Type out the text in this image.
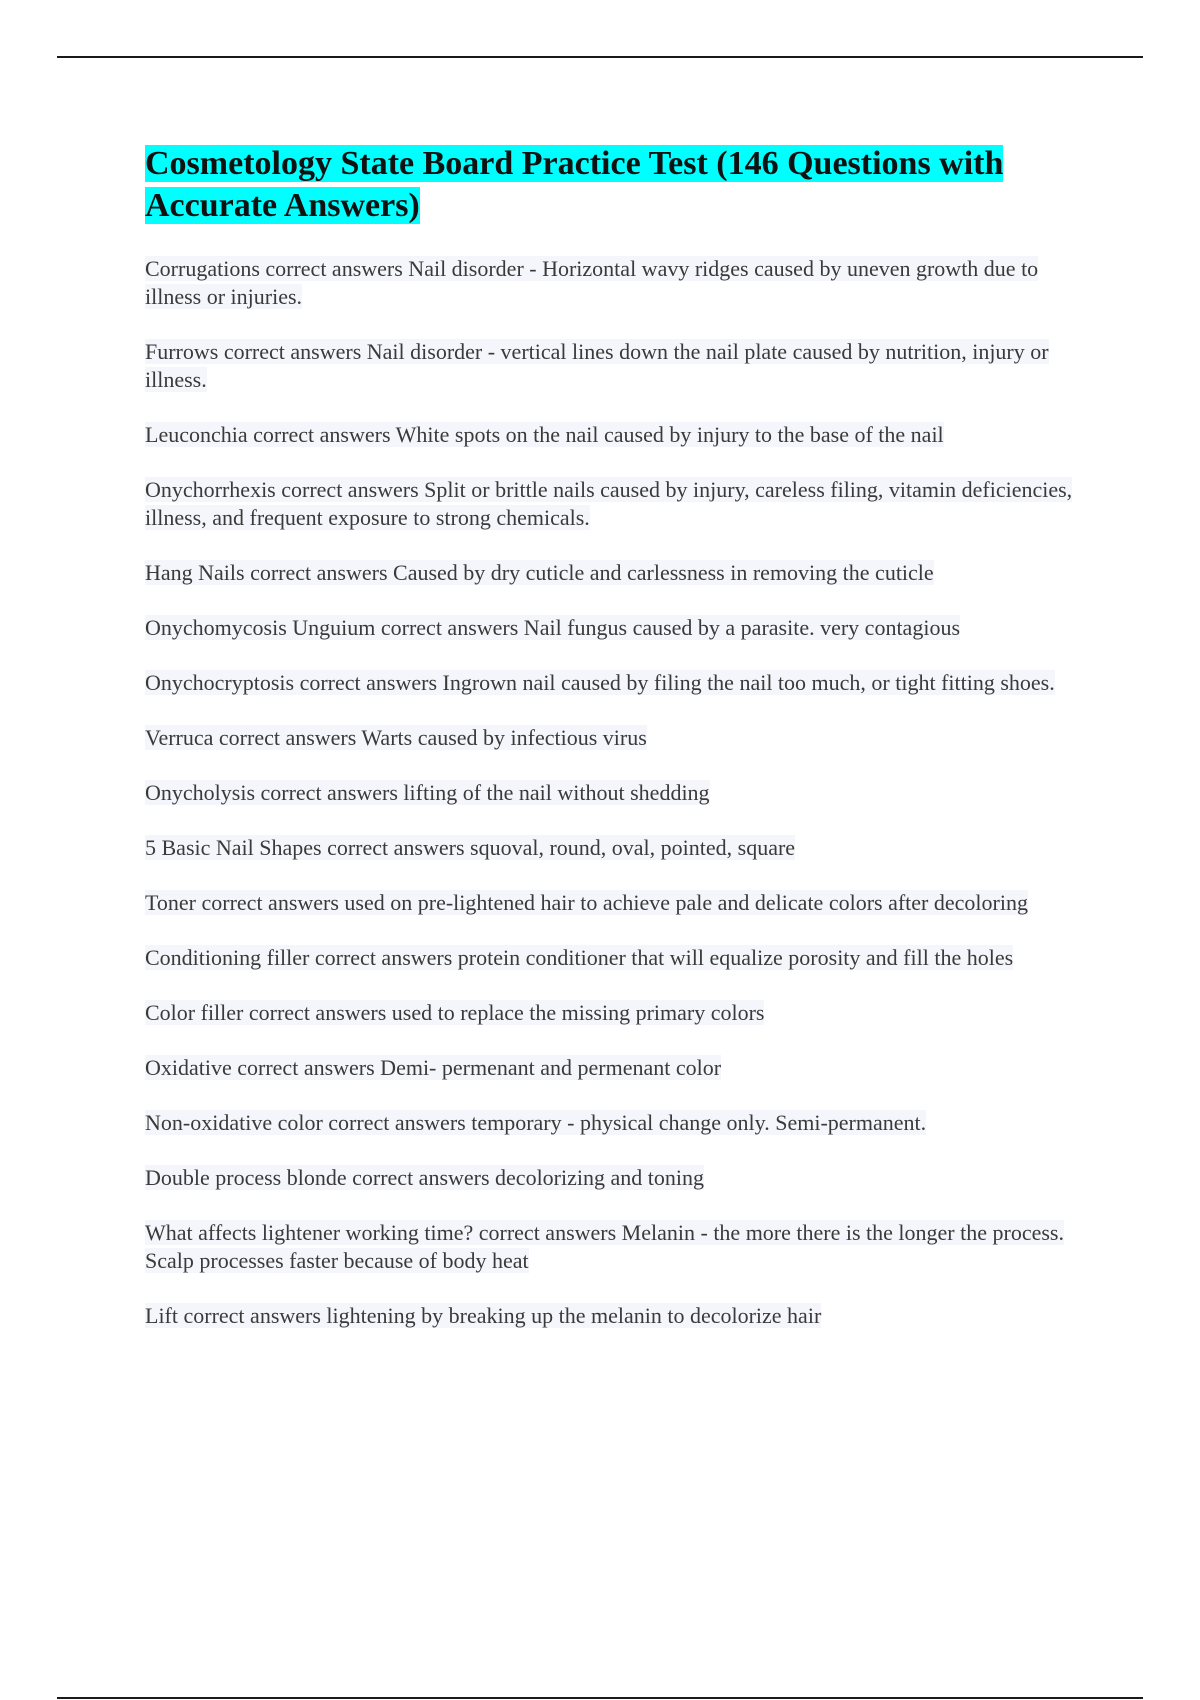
Cosmetology State Board Practice Test (146 Questions with Accurate Answers)
Corrugations correct answers Nail disorder - Horizontal wavy ridges caused by uneven growth due to illness or injuries.
Furrows correct answers Nail disorder - vertical lines down the nail plate caused by nutrition, injury or illness.
Leuconchia correct answers White spots on the nail caused by injury to the base of the nail
Onychorrhexis correct answers Split or brittle nails caused by injury, careless filing, vitamin deficiencies, illness, and frequent exposure to strong chemicals.
Hang Nails correct answers Caused by dry cuticle and carlessness in removing the cuticle
Onychomycosis Unguium correct answers Nail fungus caused by a parasite. very contagious
Onychocryptosis correct answers Ingrown nail caused by filing the nail too much, or tight fitting shoes.
Verruca correct answers Warts caused by infectious virus
Onycholysis correct answers lifting of the nail without shedding
5 Basic Nail Shapes correct answers squoval, round, oval, pointed, square
Toner correct answers used on pre-lightened hair to achieve pale and delicate colors after decoloring
Conditioning filler correct answers protein conditioner that will equalize porosity and fill the holes
Color filler correct answers used to replace the missing primary colors
Oxidative correct answers Demi- permenant and permenant color
Non-oxidative color correct answers temporary - physical change only. Semi-permanent.
Double process blonde correct answers decolorizing and toning
What affects lightener working time? correct answers Melanin - the more there is the longer the process. Scalp processes faster because of body heat
Lift correct answers lightening by breaking up the melanin to decolorize hair
